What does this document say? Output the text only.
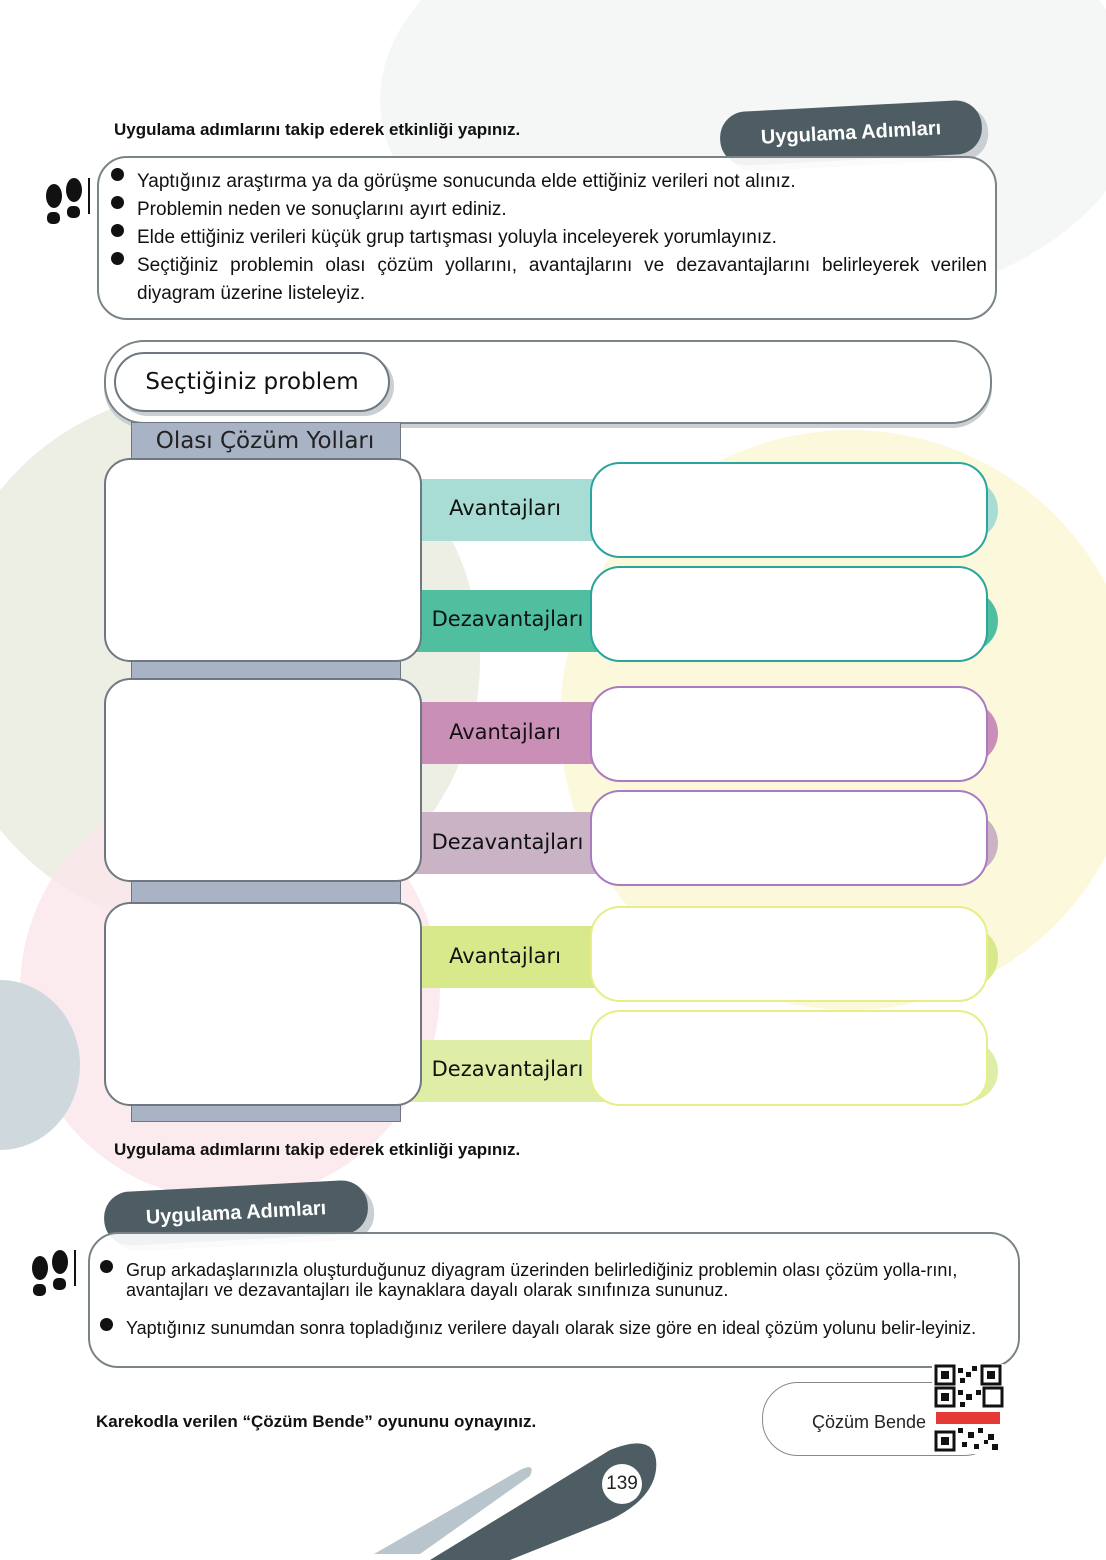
Uygulama adımlarını takip ederek etkinliği yapınız.	Uygulama Adımları
Yaptığınız araştırma ya da görüşme sonucunda elde ettiğiniz verileri not alınız.
Problemin neden ve sonuçlarını ayırt ediniz.
Elde ettiğiniz verileri küçük grup tartışması yoluyla inceleyerek yorumlayınız.
Seçtiğiniz problemin olası çözüm yollarını, avantajlarını ve dezavantajlarını belirleyerek verilen diyagram üzerine listeleyiz.
Seçtiğiniz problem
Olası Çözüm Yolları
Avantajları
Dezavantajları
Avantajları
Dezavantajları
Avantajları
Dezavantajları
Uygulama adımlarını takip ederek etkinliği yapınız.
Uygulama Adımları
Grup arkadaşlarınızla oluşturduğunuz diyagram üzerinden belirlediğiniz problemin olası çözüm yolla-rını, avantajları ve dezavantajları ile kaynaklara dayalı olarak sınıfınıza sununuz.
Yaptığınız sunumdan sonra topladığınız verilere dayalı olarak size göre en ideal çözüm yolunu belir-leyiniz.
Karekodla verilen “Çözüm Bende” oyununu oynayınız.	Çözüm Bende
139
